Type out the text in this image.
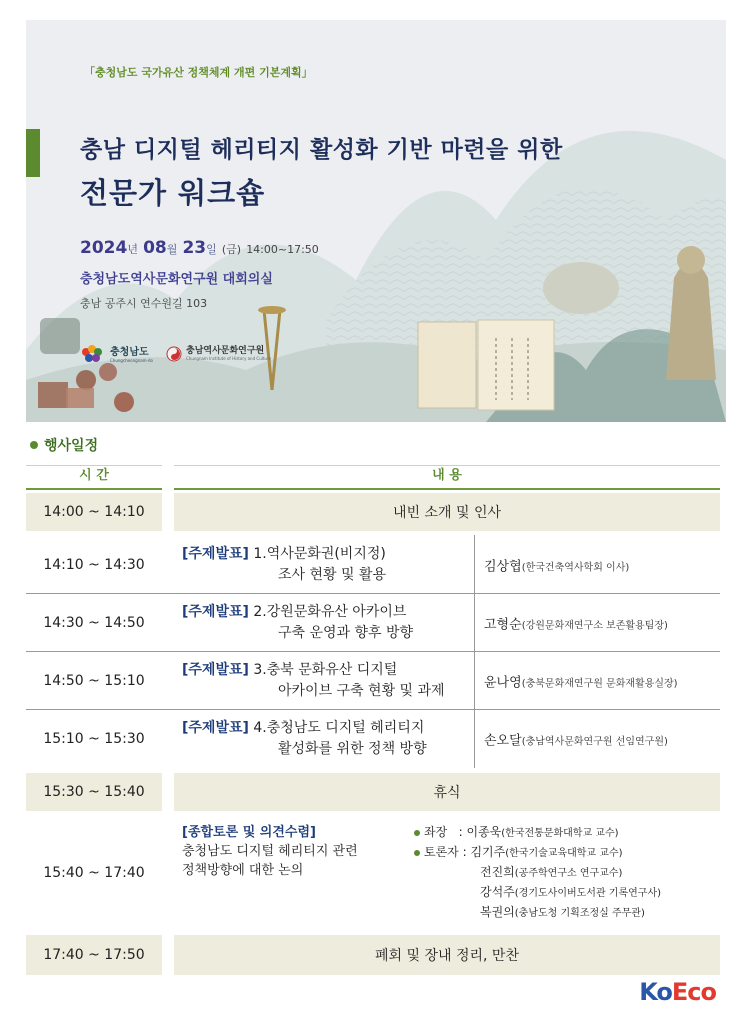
「충청남도 국가유산 정책체계 개편 기본계획」
충남 디지털 헤리티지 활성화 기반 마련을 위한
전문가 워크숍
2024년 08월 23일 (금) 14:00~17:50
충청남도역사문화연구원 대회의실
충남 공주시 연수원길 103
충청남도
Chungcheongnam-do
충남역사문화연구원
Chungnam Institute of History and Culture
행사일정
시 간	내 용
14:00 ~ 14:10	내빈 소개 및 인사
14:10 ~ 14:30
[주제발표] 1.역사문화권(비지정)
조사 현황 및 활용	김상협(한국건축역사학회 이사)
14:30 ~ 14:50
[주제발표] 2.강원문화유산 아카이브
구축 운영과 향후 방향	고형순(강원문화재연구소 보존활용팀장)
14:50 ~ 15:10
[주제발표] 3.충북 문화유산 디지털
아카이브 구축 현황 및 과제	윤나영(충북문화재연구원 문화재활용실장)
15:10 ~ 15:30
[주제발표] 4.충청남도 디지털 헤리티지
활성화를 위한 정책 방향	손오달(충남역사문화연구원 선임연구원)
15:30 ~ 15:40	휴식
15:40 ~ 17:40
[종합토론 및 의견수렴]
충청남도 디지털 헤리티지 관련
정책방향에 대한 논의
좌장   : 이종욱(한국전통문화대학교 교수)
토론자 : 김기주(한국기술교육대학교 교수)
전진희(공주학연구소 연구교수)
강석주(경기도사이버도서관 기록연구사)
복권의(충남도청 기획조정실 주무관)
17:40 ~ 17:50	폐회 및 장내 정리, 만찬
KoEco
